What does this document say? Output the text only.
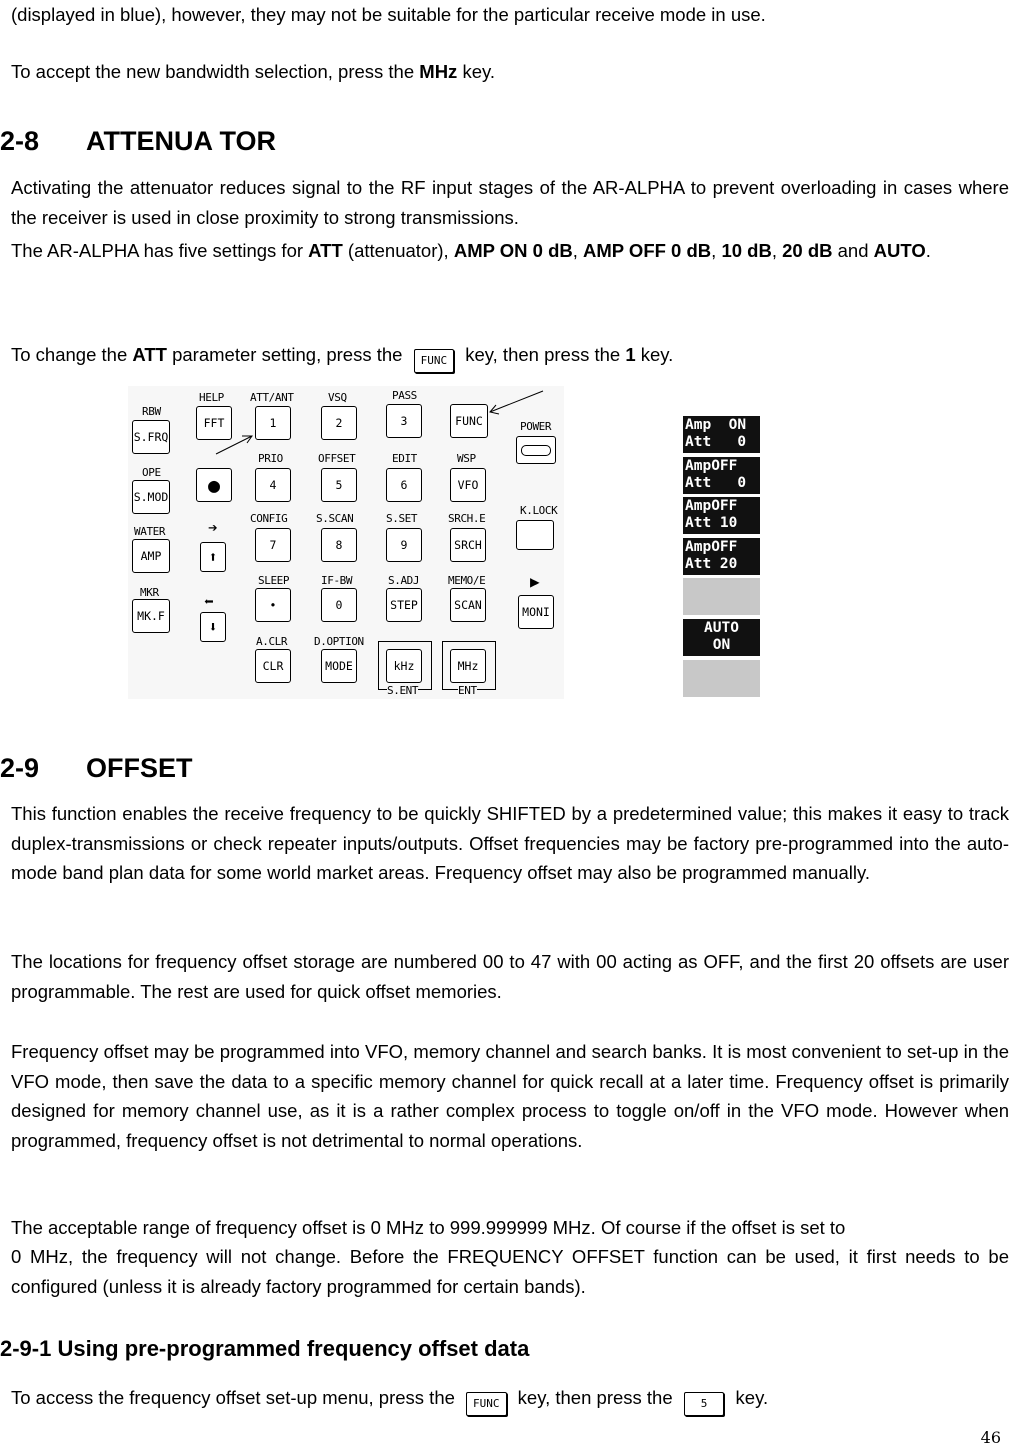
(displayed in blue), however, they may not be suitable for the particular receive mode in use.

To accept the new bandwidth selection, press the MHz key.

2-8 ATTENUA TOR

Activating the attenuator reduces signal to the RF input stages of the AR-ALPHA to prevent overloading in cases where the receiver is used in close proximity to strong transmissions.

The AR-ALPHA has five settings for ATT (attenuator), AMP ON 0 dB, AMP OFF 0 dB, 10 dB, 20 dB and AUTO.

To change the ATT parameter setting, press the FUNC key, then press the 1 key.

RBW
S.FRQ
OPE
S.MOD
WATER
AMP
MKR
MK.F
HELP
FFT
ATT/ANT
1
VSQ
2
PASS
3	FUNC
●
PRIO
4
OFFSET
5
EDIT
6
WSP
VFO
➔
⬆
CONFIG
7
S.SCAN
8
S.SET
9
SRCH.E
SRCH
⬅
⬇
SLEEP
•
IF-BW
0
S.ADJ
STEP
MEMO/E
SCAN
A.CLR
CLR
D.OPTION
MODE	kHz
S.ENT
MHz
ENT
POWER
K.LOCK
▶
MONI
Amp  ON
Att   0
AmpOFF
Att   0
AmpOFF
Att 10
AmpOFF
Att 20
AUTO
ON
2-9 OFFSET

This function enables the receive frequency to be quickly SHIFTED by a predetermined value; this makes it easy to track duplex-transmissions or check repeater inputs/outputs. Offset frequencies may be factory pre-programmed into the auto-mode band plan data for some world market areas. Frequency offset may also be programmed manually.

The locations for frequency offset storage are numbered 00 to 47 with 00 acting as OFF, and the first 20 offsets are user programmable. The rest are used for quick offset memories.

Frequency offset may be programmed into VFO, memory channel and search banks. It is most convenient to set-up in the VFO mode, then save the data to a specific memory channel for quick recall at a later time. Frequency offset is primarily designed for memory channel use, as it is a rather complex process to toggle on/off in the VFO mode. However when programmed, frequency offset is not detrimental to normal operations.

The acceptable range of frequency offset is 0 MHz to 999.999999 MHz. Of course if the offset is set to

0 MHz, the frequency will not change. Before the FREQUENCY OFFSET function can be used, it first needs to be configured (unless it is already factory programmed for certain bands).

2-9-1 Using pre-programmed frequency offset data

To access the frequency offset set-up menu, press the FUNC key, then press the 5 key.

46
